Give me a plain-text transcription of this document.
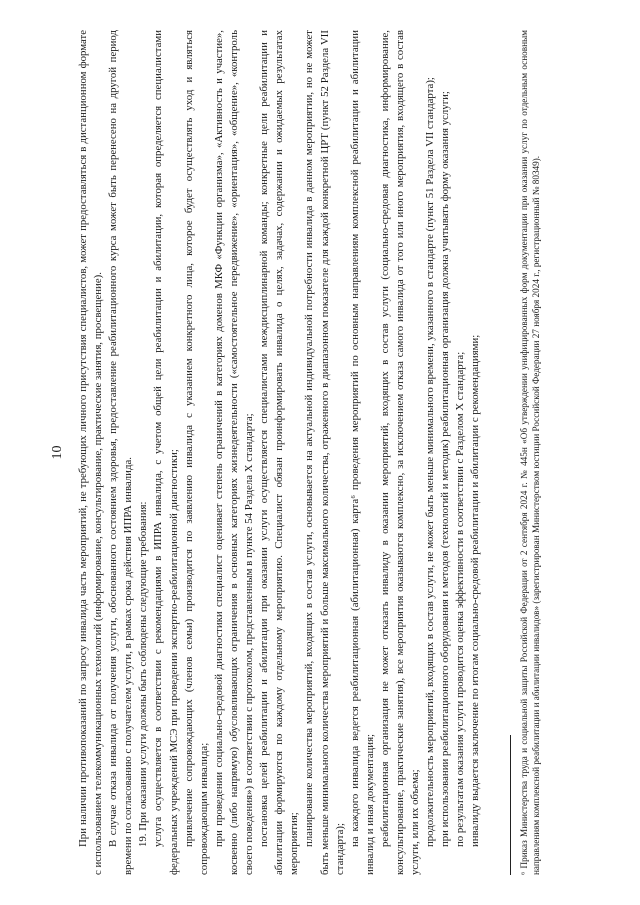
10 При наличии противопоказаний по запросу инвалида часть мероприятий, не требующих личного присутствия специалистов, может предоставляться в дистанционном формате с использованием телекоммуникационных технологий (информирование, консультирование, практические занятия, просвещение). В случае отказа инвалида от получения услуги, обоснованного состоянием здоровья, предоставление реабилитационного курса может быть перенесено на другой период времени по согласованию с получателем услуги, в рамках срока действия ИПРА инвалида. 19. При оказании услуги должны быть соблюдены следующие требования: услуга осуществляется в соответствии с рекомендациями в ИПРА инвалида, с учетом общей цели реабилитации и абилитации, которая определяется специалистами федеральных учреждений МСЭ при проведении экспертно-реабилитационной диагностики; привлечение сопровождающих (членов семьи) производится по заявлению инвалида с указанием конкретного лица, которое будет осуществлять уход и являться сопровождающим инвалида; при проведении социально-средовой диагностики специалист оценивает степень ограничений в категориях доменов МКФ «Функции организма», «Активность и участие», косвенно (либо напрямую) обусловливающих ограничения в основных категориях жизнедеятельности («самостоятельное передвижение», «ориентация», «общение», «контроль своего поведения») в соответствии с протоколом, представленным в пункте 54 Раздела X стандарта; постановка целей реабилитации и абилитации при оказании услуги осуществляется специалистами междисциплинарной команды; конкретные цели реабилитации и абилитации формируются по каждому отдельному мероприятию. Специалист обязан проинформировать инвалида о целях, задачах, содержании и ожидаемых результатах мероприятия; планирование количества мероприятий, входящих в состав услуги, основывается на актуальной индивидуальной потребности инвалида в данном мероприятии, но не может быть меньше минимального количества мероприятий и больше максимального количества, отраженного в диапазонном показателе для каждой конкретной ЦРТ (пункт 52 Раздела VII стандарта);

на каждого инвалида ведется реабилитационная (абилитационная) карта⁶ проведения мероприятий по основным направлениям комплексной реабилитации и абилитации инвалид и иная документация; реабилитационная организация не может отказать инвалиду в оказании мероприятий, входящих в состав услуги (социально-средовая диагностика, информирование, консультирование, практические занятия), все мероприятия оказываются комплексно, за исключением отказа самого инвалида от того или иного мероприятия, входящего в состав услуги, или их объема; продолжительность мероприятий, входящих в состав услуги, не может быть меньше минимального времени, указанного в стандарте (пункт 51 Раздела VII стандарта); при использовании реабилитационного оборудования и методов (технологий и методик) реабилитационная организация должна учитывать форму оказания услуги; по результатам оказания услуги проводится оценка эффективности в соответствии с Разделом X стандарта; инвалиду выдается заключение по итогам социально-средовой реабилитации и абилитации с рекомендациями;	⁶ Приказ Министерства труда и социальной защиты Российской Федерации от 2 сентября 2024 г. № 445н «Об утверждении унифицированных форм документации при оказании услуг по отдельным основным направлениям комплексной реабилитации и абилитации инвалидов» (зарегистрирован Министерством юстиции Российской Федерации 27 ноября 2024 г., регистрационный № 80349).
